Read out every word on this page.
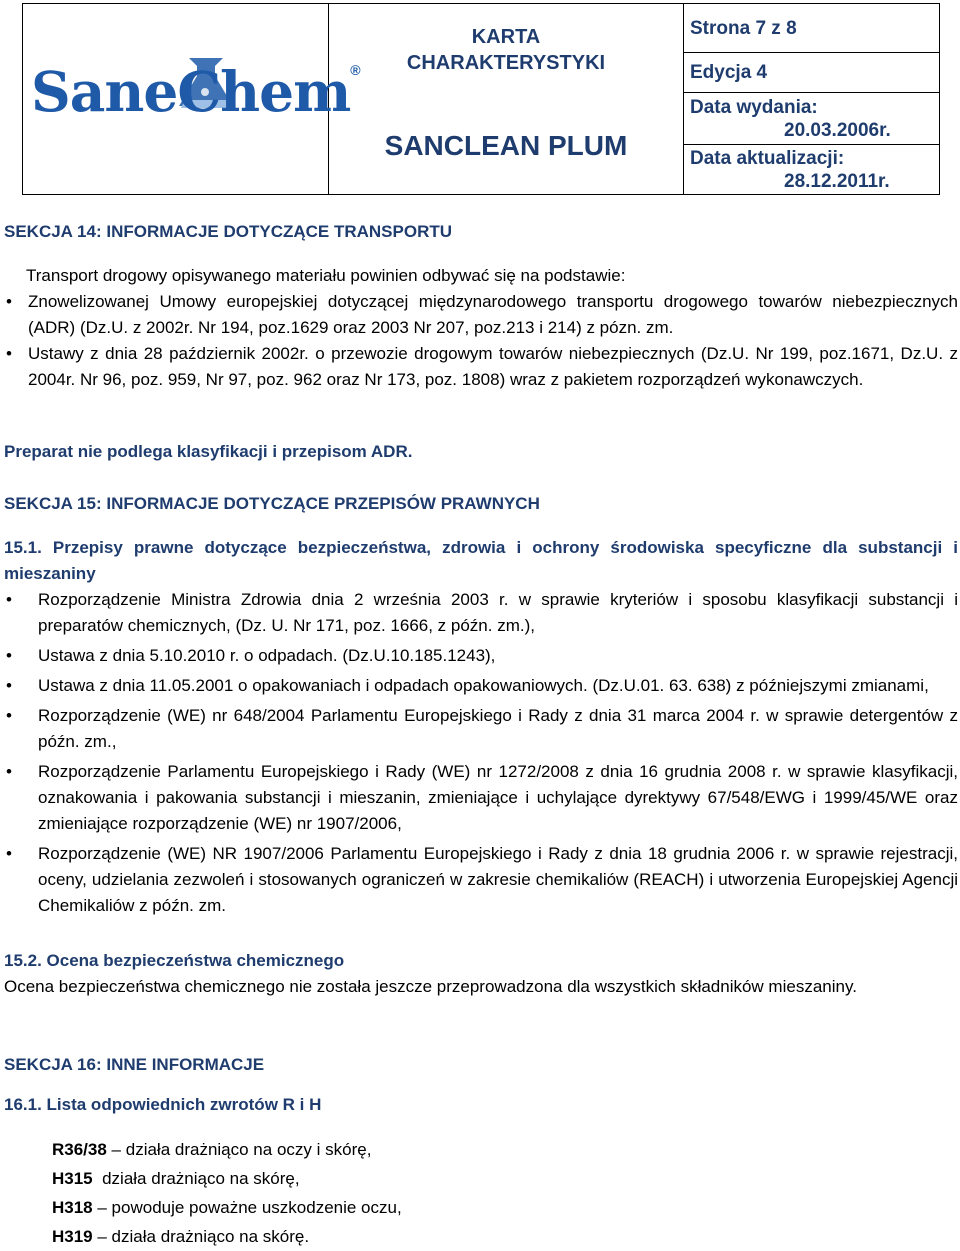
SaneChem®
KARTA CHARAKTERYSTYKI
SANCLEAN PLUM
Strona 7 z 8
Edycja 4
Data wydania:
20.03.2006r.
Data aktualizacji:
28.12.2011r.
SEKCJA 14: INFORMACJE DOTYCZĄCE TRANSPORTU
Transport drogowy opisywanego materiału powinien odbywać się na podstawie:
• Znowelizowanej Umowy europejskiej dotyczącej międzynarodowego transportu drogowego towarów niebezpiecznych (ADR) (Dz.U. z 2002r. Nr 194, poz.1629 oraz 2003 Nr 207, poz.213 i 214) z pózn. zm.
• Ustawy z dnia 28 październik 2002r. o przewozie drogowym towarów niebezpiecznych (Dz.U. Nr 199, poz.1671, Dz.U. z 2004r. Nr 96, poz. 959, Nr 97, poz. 962 oraz Nr 173, poz. 1808) wraz z pakietem rozporządzeń wykonawczych.
Preparat nie podlega klasyfikacji i przepisom ADR.
SEKCJA 15: INFORMACJE DOTYCZĄCE PRZEPISÓW PRAWNYCH
15.1. Przepisy prawne dotyczące bezpieczeństwa, zdrowia i ochrony środowiska specyficzne dla substancji i mieszaniny
• Rozporządzenie Ministra Zdrowia dnia 2 września 2003 r. w sprawie kryteriów i sposobu klasyfikacji substancji i preparatów chemicznych, (Dz. U. Nr 171, poz. 1666, z późn. zm.),
• Ustawa z dnia 5.10.2010 r. o odpadach. (Dz.U.10.185.1243),
• Ustawa z dnia 11.05.2001 o opakowaniach i odpadach opakowaniowych. (Dz.U.01. 63. 638) z późniejszymi zmianami,
• Rozporządzenie (WE) nr 648/2004 Parlamentu Europejskiego i Rady z dnia 31 marca 2004 r. w sprawie detergentów z późn. zm.,
• Rozporządzenie Parlamentu Europejskiego i Rady (WE) nr 1272/2008 z dnia 16 grudnia 2008 r. w sprawie klasyfikacji, oznakowania i pakowania substancji i mieszanin, zmieniające i uchylające dyrektywy 67/548/EWG i 1999/45/WE oraz zmieniające rozporządzenie (WE) nr 1907/2006,
• Rozporządzenie (WE) NR 1907/2006 Parlamentu Europejskiego i Rady z dnia 18 grudnia 2006 r. w sprawie rejestracji, oceny, udzielania zezwoleń i stosowanych ograniczeń w zakresie chemikaliów (REACH) i utworzenia Europejskiej Agencji Chemikaliów z późn. zm.
15.2. Ocena bezpieczeństwa chemicznego
Ocena bezpieczeństwa chemicznego nie została jeszcze przeprowadzona dla wszystkich składników mieszaniny.
SEKCJA 16: INNE INFORMACJE
16.1. Lista odpowiednich zwrotów R i H
R36/38 – działa drażniąco na oczy i skórę,
H315 działa drażniąco na skórę,
H318 – powoduje poważne uszkodzenie oczu,
H319 – działa drażniąco na skórę.
